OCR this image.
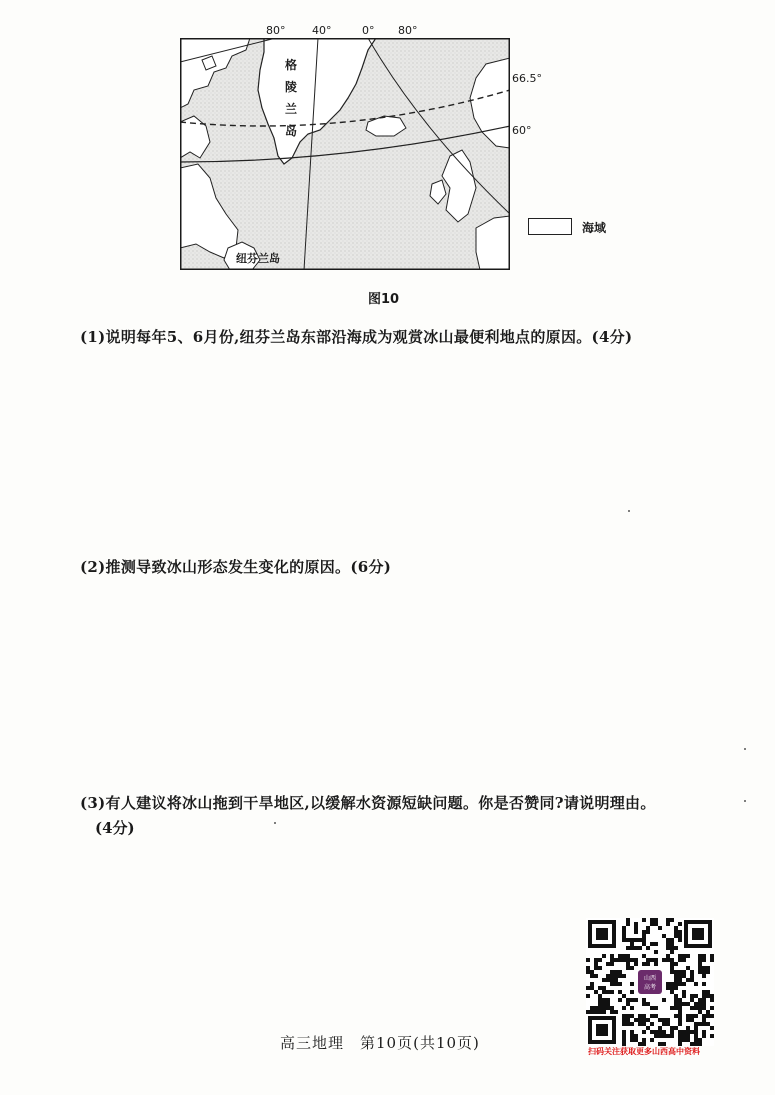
80° 40°	0° 80°
66.5°
60°
格
陵
兰
岛
纽芬兰岛
海域
图10
(1)说明每年5、6月份,纽芬兰岛东部沿海成为观赏冰山最便利地点的原因。(4分)
(2)推测导致冰山形态发生变化的原因。(6分)
(3)有人建议将冰山拖到干旱地区,以缓解水资源短缺问题。你是否赞同?请说明理由。
(4分)
高三地理　第10页(共10页)
山西
高考
扫码关注获取更多山西高中资料
